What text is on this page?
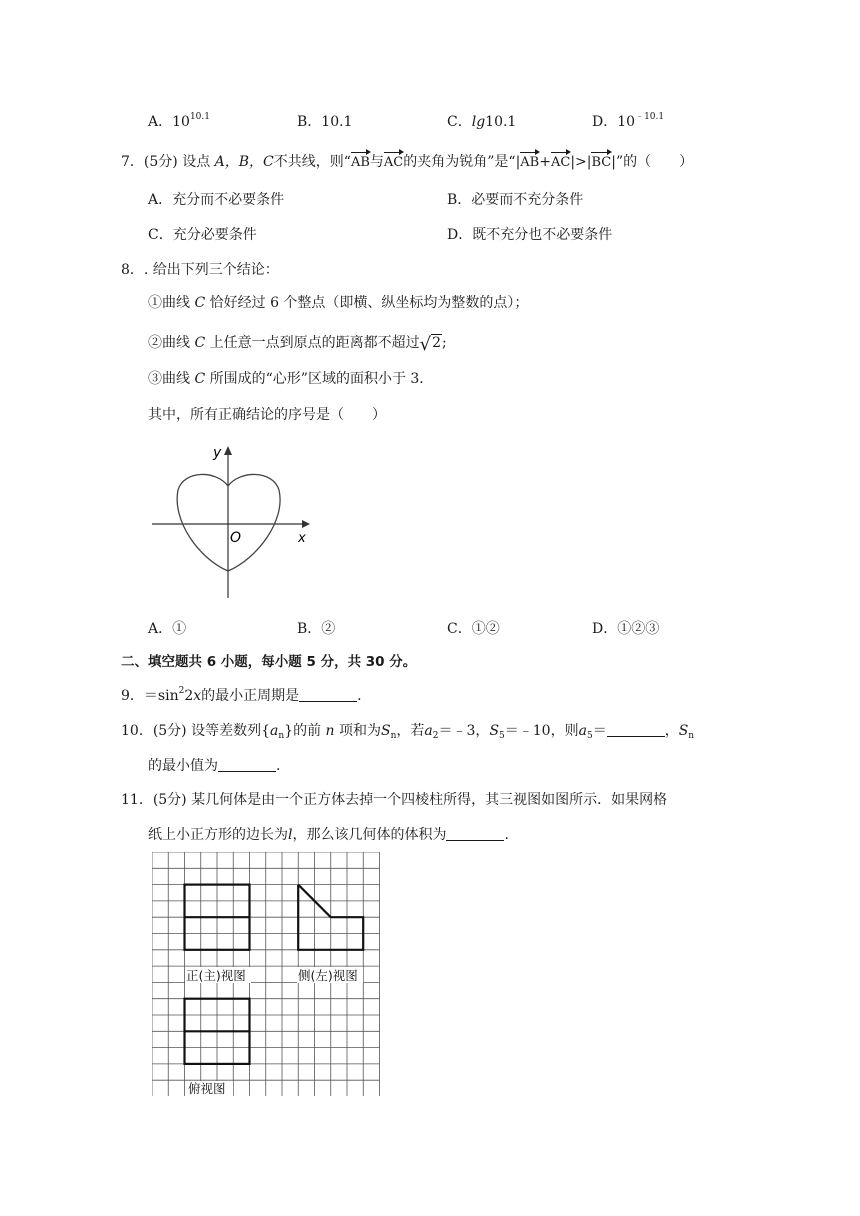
A．$10^{10.1}$	B．10.1	C．lg10.1	D．$10^{﹣10.1}$
7．(5分) 设点 A，B，C不共线，则“AB与AC的夹角为锐角”是“|AB+AC|>|BC|”的（　　）
A．充分而不必要条件	B．必要而不充分条件
C．充分必要条件	D．既不充分也不必要条件
8．. 给出下列三个结论：
①曲线 C 恰好经过 6 个整点（即横、纵坐标均为整数的点）；
②曲线 C 上任意一点到原点的距离都不超过√2;
③曲线 C 所围成的“心形”区域的面积小于 3．
其中，所有正确结论的序号是（　　）
y
O	x
A．①	B．②	C．①②	D．①②③
二、填空题共 6 小题，每小题 5 分，共 30 分。
9．$=\sin^22x$的最小正周期是	.
10．(5分) 设等差数列$\{a_n\}$的前 n 项和为$S_n$，若$a_2=﹣3$，$S_5=﹣10$，则$a_5=$	，$S_n$
的最小值为	.
11．(5分) 某几何体是由一个正方体去掉一个四棱柱所得，其三视图如图所示．如果网格
纸上小正方形的边长为l，那么该几何体的体积为	.
正(主)视图	侧(左)视图
俯视图
